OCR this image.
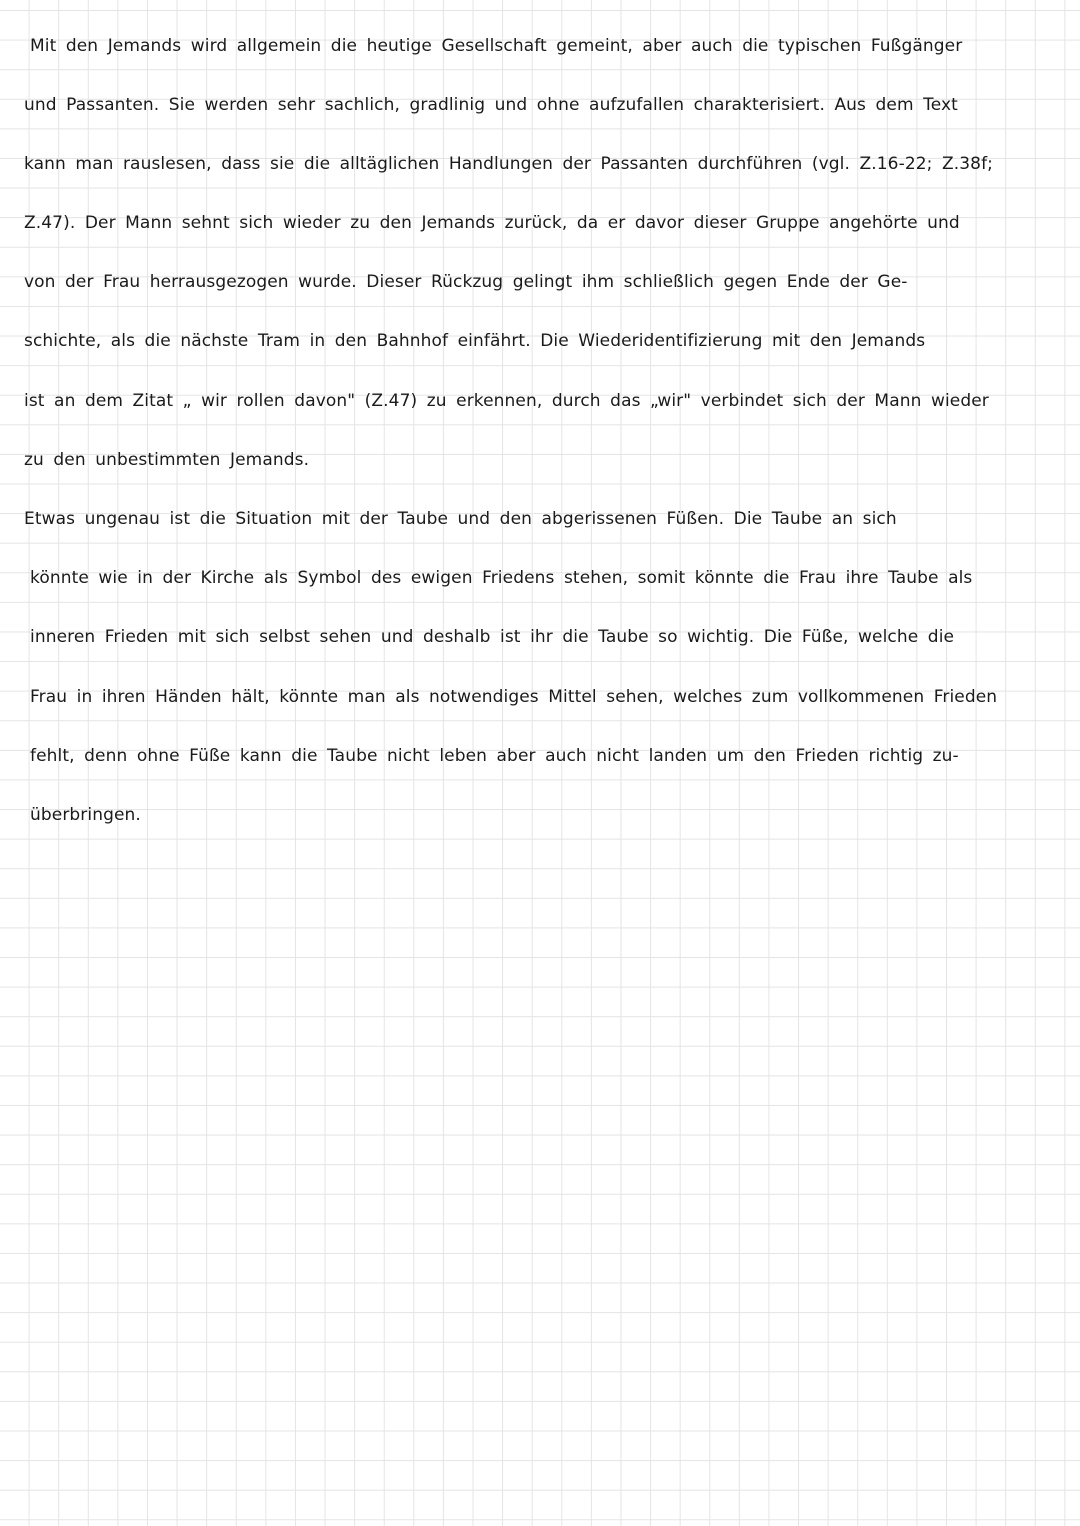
Mit den Jemands wird allgemein die heutige Gesellschaft gemeint, aber auch die typischen Fußgänger

und Passanten. Sie werden sehr sachlich, gradlinig und ohne aufzufallen charakterisiert. Aus dem Text

kann man rauslesen, dass sie die alltäglichen Handlungen der Passanten durchführen (vgl. Z.16-22; Z.38f;

Z.47). Der Mann sehnt sich wieder zu den Jemands zurück, da er davor dieser Gruppe angehörte und

von der Frau herrausgezogen wurde. Dieser Rückzug gelingt ihm schließlich gegen Ende der Ge-

schichte, als die nächste Tram in den Bahnhof einfährt. Die Wiederidentifizierung mit den Jemands

ist an dem Zitat „ wir rollen davon" (Z.47) zu erkennen, durch das „wir" verbindet sich der Mann wieder

zu den unbestimmten Jemands.

Etwas ungenau ist die Situation mit der Taube und den abgerissenen Füßen. Die Taube an sich

könnte wie in der Kirche als Symbol des ewigen Friedens stehen, somit könnte die Frau ihre Taube als

inneren Frieden mit sich selbst sehen und deshalb ist ihr die Taube so wichtig. Die Füße, welche die

Frau in ihren Händen hält, könnte man als notwendiges Mittel sehen, welches zum vollkommenen Frieden

fehlt, denn ohne Füße kann die Taube nicht leben aber auch nicht landen um den Frieden richtig zu-

überbringen.
